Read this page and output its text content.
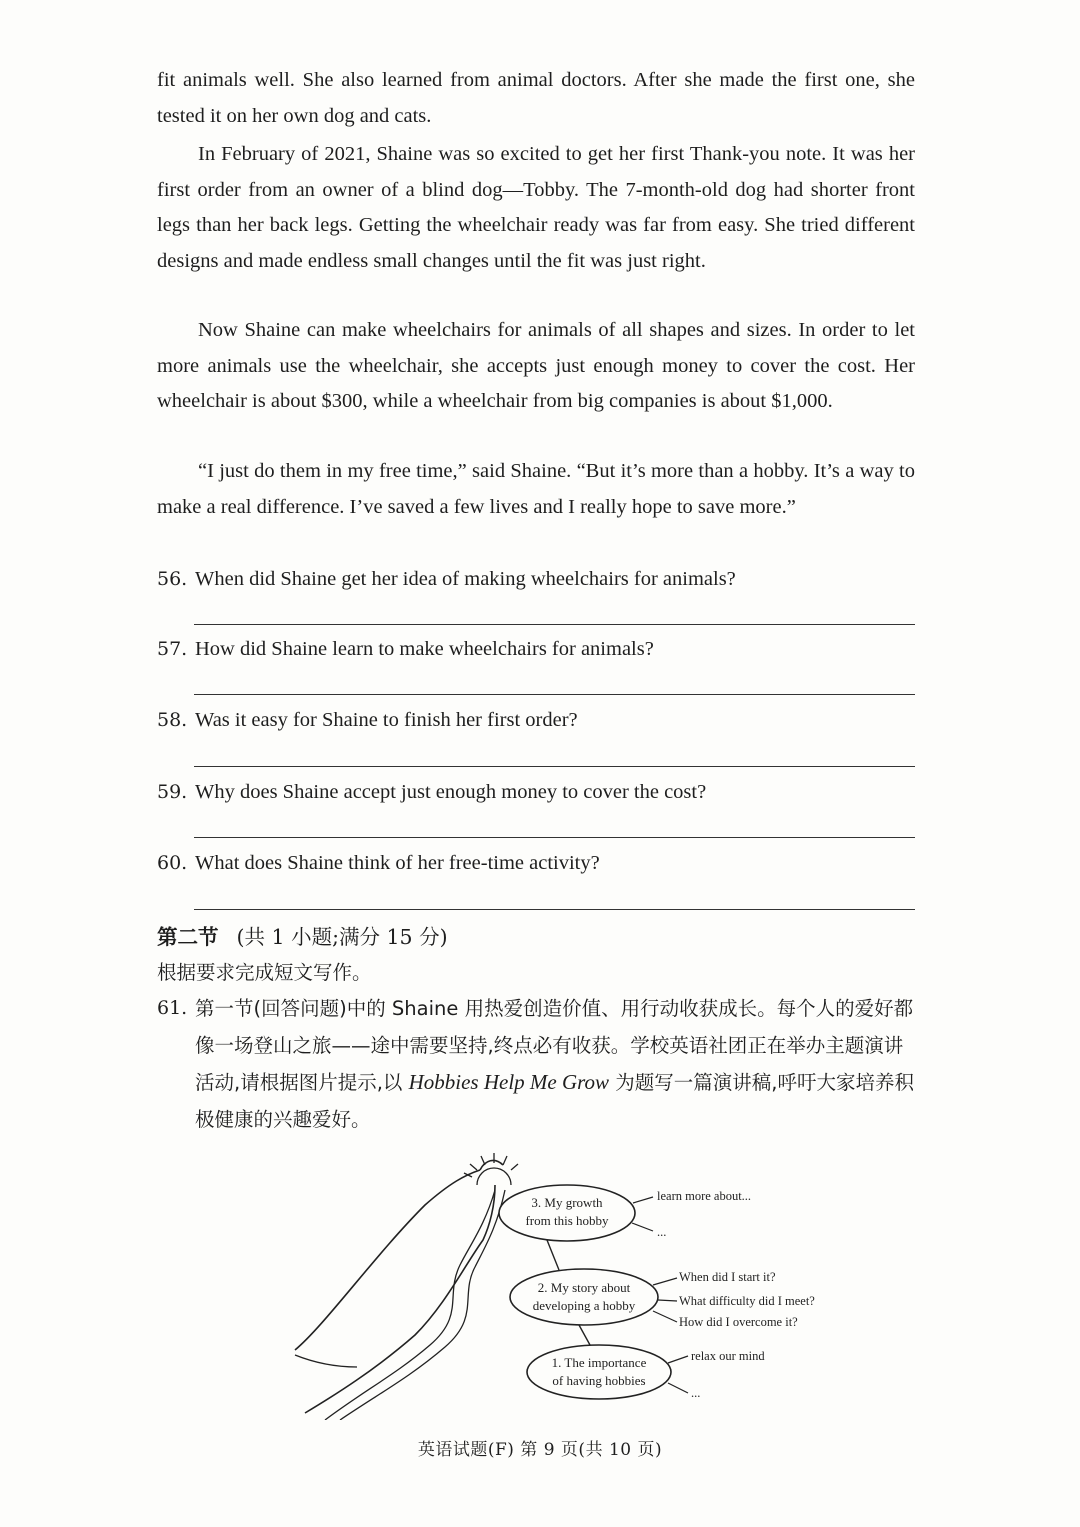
fit animals well. She also learned from animal doctors. After she made the first one, she tested it on her own dog and cats.

In February of 2021, Shaine was so excited to get her first Thank-you note. It was her first order from an owner of a blind dog—Tobby. The 7-month-old dog had shorter front legs than her back legs. Getting the wheelchair ready was far from easy. She tried different designs and made endless small changes until the fit was just right.

Now Shaine can make wheelchairs for animals of all shapes and sizes. In order to let more animals use the wheelchair, she accepts just enough money to cover the cost. Her wheelchair is about $300, while a wheelchair from big companies is about $1,000.

“I just do them in my free time,” said Shaine. “But it’s more than a hobby. It’s a way to make a real difference. I’ve saved a few lives and I really hope to save more.”

56. When did Shaine get her idea of making wheelchairs for animals?
57. How did Shaine learn to make wheelchairs for animals?
58. Was it easy for Shaine to finish her first order?
59. Why does Shaine accept just enough money to cover the cost?
60. What does Shaine think of her free-time activity?
第二节 (共 1 小题;满分 15 分)
根据要求完成短文写作。
61. 第一节(回答问题)中的 Shaine 用热爱创造价值、用行动收获成长。每个人的爱好都像一场登山之旅——途中需要坚持,终点必有收获。学校英语社团正在举办主题演讲活动,请根据图片提示,以 Hobbies Help Me Grow 为题写一篇演讲稿,呼吁大家培养积极健康的兴趣爱好。
3. My growth
from this hobby
learn more about...
...
2. My story about
developing a hobby
When did I start it?
What difficulty did I meet?
How did I overcome it?
1. The importance
of having hobbies
relax our mind
...
英语试题(F) 第 9 页(共 10 页)
